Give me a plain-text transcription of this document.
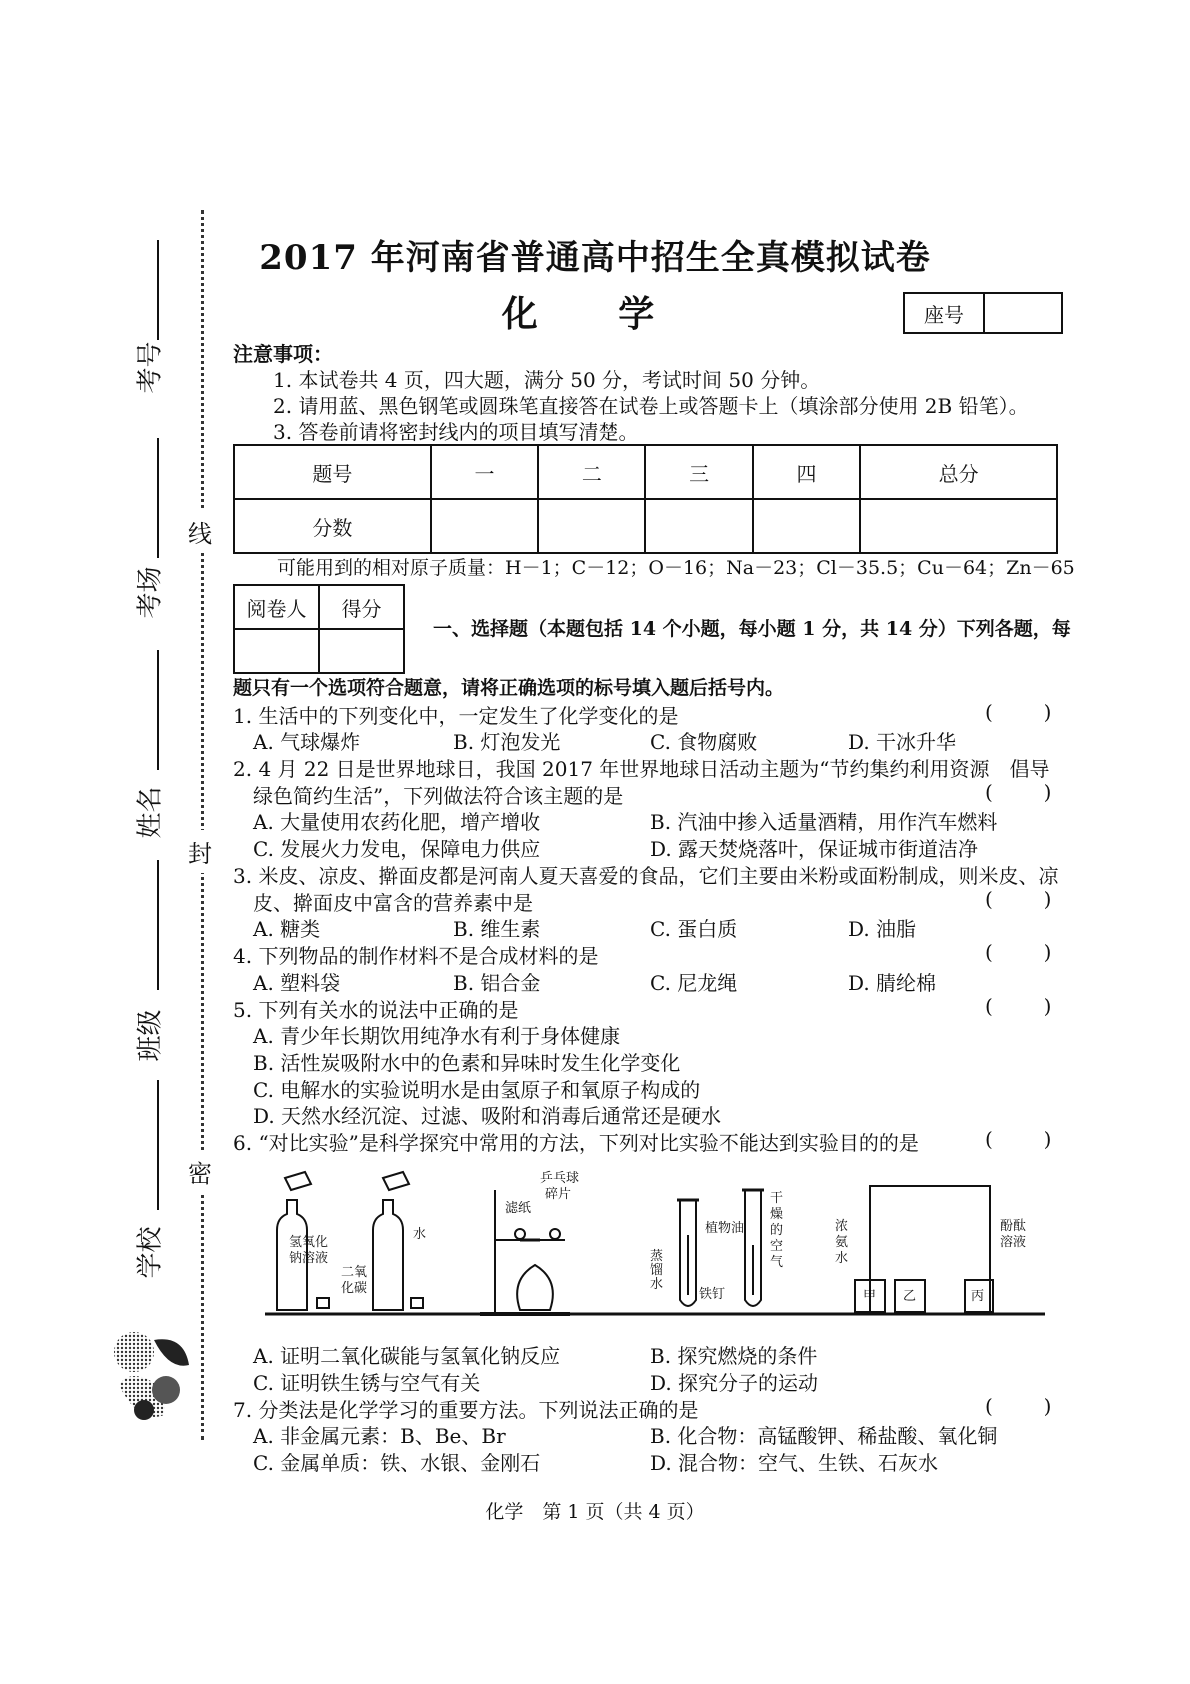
考号
考场
姓名
班级
学校
线
封
密
2017 年河南省普通高中招生全真模拟试卷
化 学	座号
注意事项：
1. 本试卷共 4 页，四大题，满分 50 分，考试时间 50 分钟。
2. 请用蓝、黑色钢笔或圆珠笔直接答在试卷上或答题卡上（填涂部分使用 2B 铅笔）。
3. 答卷前请将密封线内的项目填写清楚。
题号	一	二	三	四	总分
分数					
可能用到的相对原子质量：H－1；C－12；O－16；Na－23；Cl－35.5；Cu－64；Zn－65
阅卷人	得分

一、选择题（本题包括 14 个小题，每小题 1 分，共 14 分）下列各题，每
题只有一个选项符合题意，请将正确选项的标号填入题后括号内。
1. 生活中的下列变化中，一定发生了化学变化的是	(        )
A. 气球爆炸	B. 灯泡发光	C. 食物腐败	D. 干冰升华
2. 4 月 22 日是世界地球日，我国 2017 年世界地球日活动主题为“节约集约利用资源　倡导
绿色简约生活”，下列做法符合该主题的是	(        )
A. 大量使用农药化肥，增产增收	B. 汽油中掺入适量酒精，用作汽车燃料
C. 发展火力发电，保障电力供应	D. 露天焚烧落叶，保证城市街道洁净
3. 米皮、凉皮、擀面皮都是河南人夏天喜爱的食品，它们主要由米粉或面粉制成，则米皮、凉
皮、擀面皮中富含的营养素中是	(        )
A. 糖类	B. 维生素	C. 蛋白质	D. 油脂
4. 下列物品的制作材料不是合成材料的是	(        )
A. 塑料袋	B. 铝合金	C. 尼龙绳	D. 腈纶棉
5. 下列有关水的说法中正确的是	(        )
A. 青少年长期饮用纯净水有利于身体健康
B. 活性炭吸附水中的色素和异味时发生化学变化
C. 电解水的实验说明水是由氢原子和氧原子构成的
D. 天然水经沉淀、过滤、吸附和消毒后通常还是硬水
6. “对比实验”是科学探究中常用的方法，下列对比实验不能达到实验目的的是	(        )
氢氧化
钠溶液
水
二氧
化碳
滤纸
乒乓球
碎片
植物油
蒸
馏
水
铁钉
干
燥
的
空
气
浓
氨
水
酚酞
溶液
甲 乙	丙
A. 证明二氧化碳能与氢氧化钠反应	B. 探究燃烧的条件
C. 证明铁生锈与空气有关	D. 探究分子的运动
7. 分类法是化学学习的重要方法。下列说法正确的是	(        )
A. 非金属元素：B、Be、Br	B. 化合物：高锰酸钾、稀盐酸、氧化铜
C. 金属单质：铁、水银、金刚石	D. 混合物：空气、生铁、石灰水
化学　第 1 页（共 4 页）
